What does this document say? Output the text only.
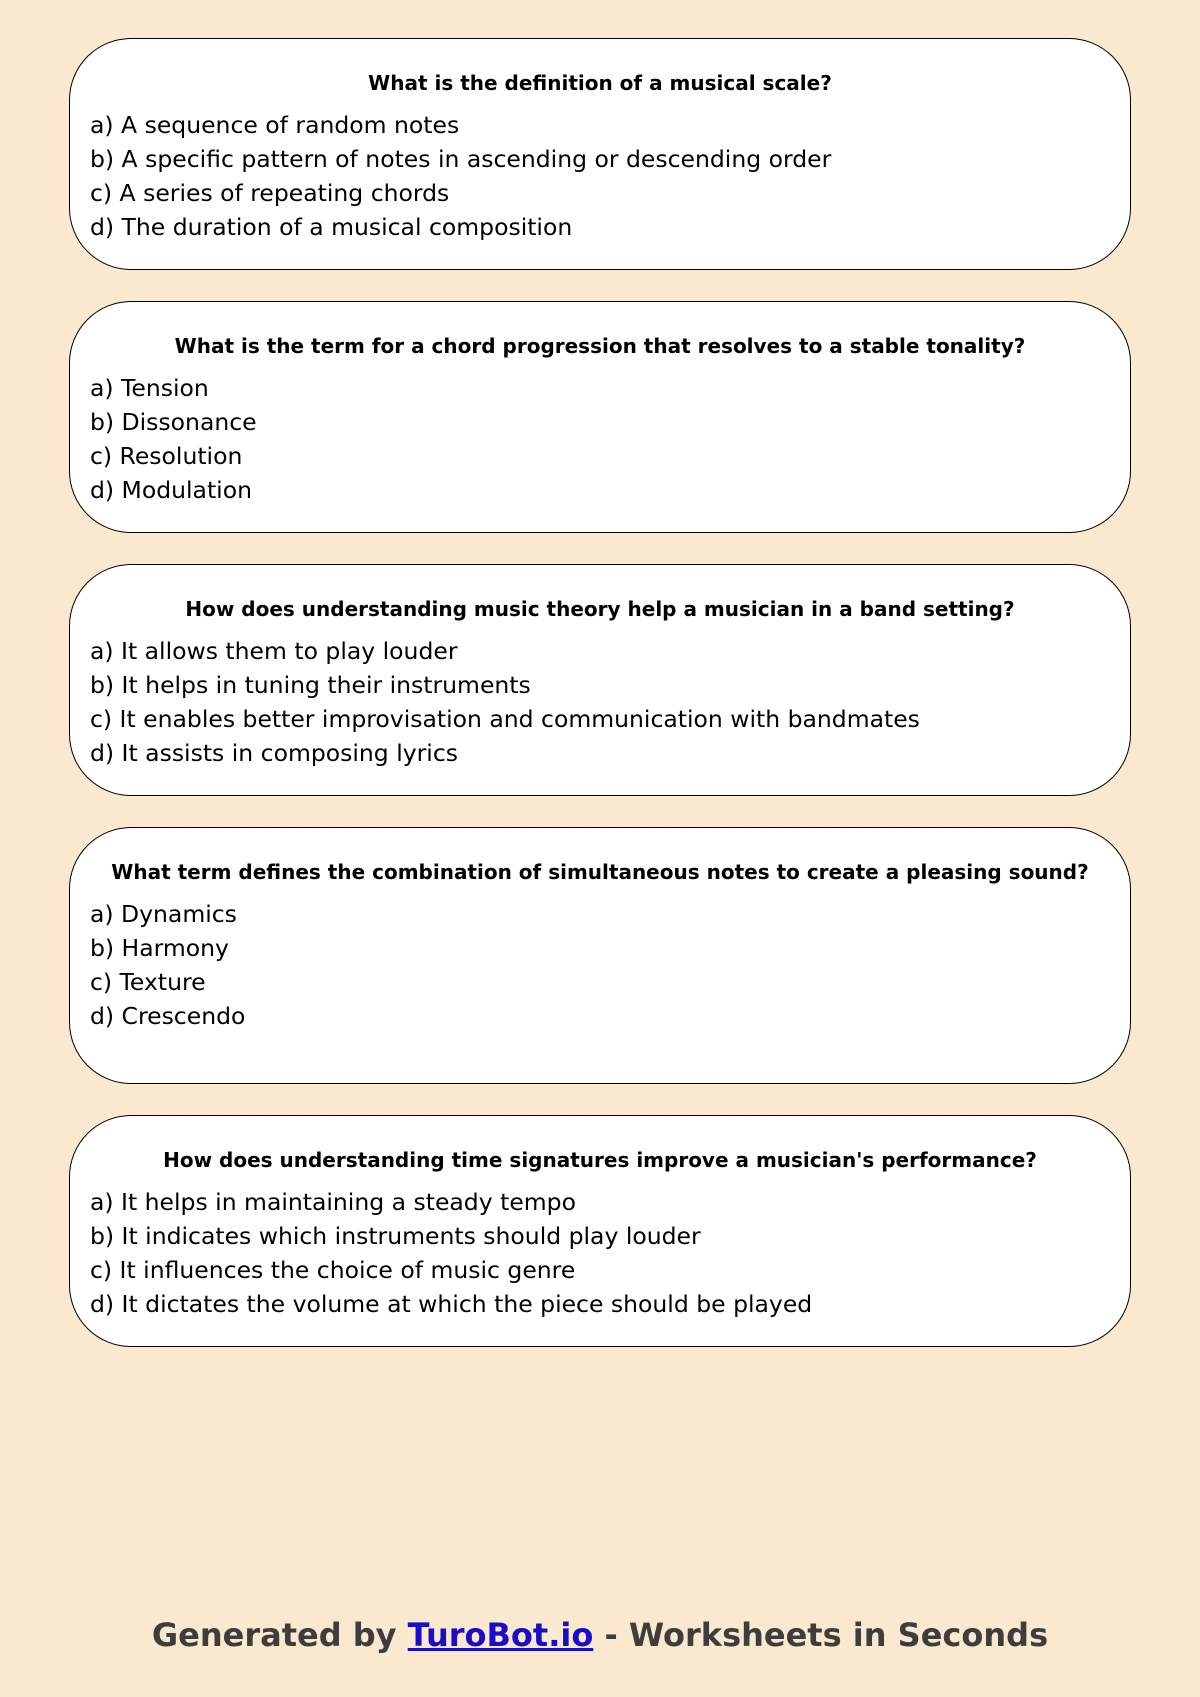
What is the definition of a musical scale?
a) A sequence of random notes
b) A specific pattern of notes in ascending or descending order
c) A series of repeating chords
d) The duration of a musical composition
What is the term for a chord progression that resolves to a stable tonality?
a) Tension
b) Dissonance
c) Resolution
d) Modulation
How does understanding music theory help a musician in a band setting?
a) It allows them to play louder
b) It helps in tuning their instruments
c) It enables better improvisation and communication with bandmates
d) It assists in composing lyrics
What term defines the combination of simultaneous notes to create a pleasing sound?
a) Dynamics
b) Harmony
c) Texture
d) Crescendo
How does understanding time signatures improve a musician's performance?
a) It helps in maintaining a steady tempo
b) It indicates which instruments should play louder
c) It influences the choice of music genre
d) It dictates the volume at which the piece should be played
Generated by TuroBot.io - Worksheets in Seconds
